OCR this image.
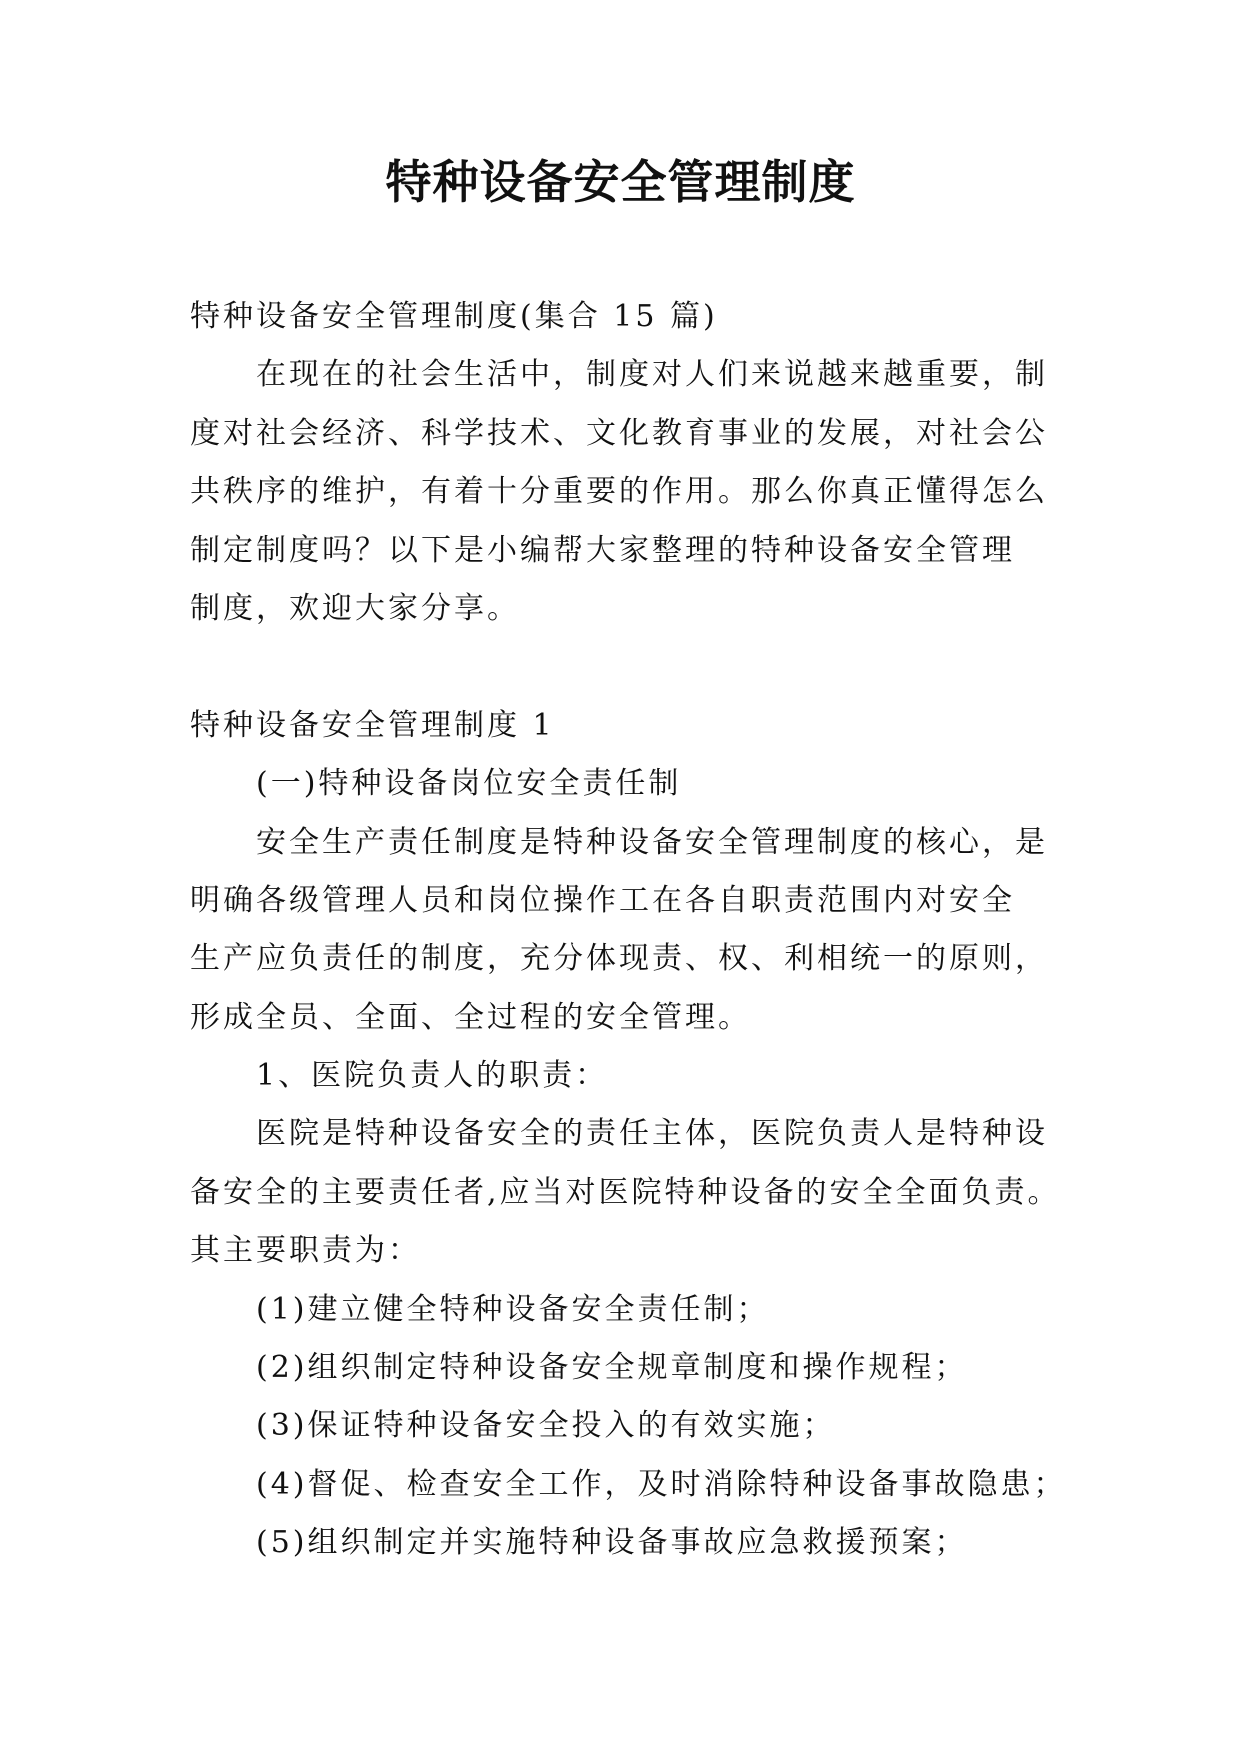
特种设备安全管理制度
特种设备安全管理制度(集合 15 篇)
在现在的社会生活中，制度对人们来说越来越重要，制
度对社会经济、科学技术、文化教育事业的发展，对社会公
共秩序的维护，有着十分重要的作用。那么你真正懂得怎么
制定制度吗？以下是小编帮大家整理的特种设备安全管理
制度，欢迎大家分享。
特种设备安全管理制度 1
(一)特种设备岗位安全责任制
安全生产责任制度是特种设备安全管理制度的核心，是
明确各级管理人员和岗位操作工在各自职责范围内对安全
生产应负责任的制度，充分体现责、权、利相统一的原则，
形成全员、全面、全过程的安全管理。
1、医院负责人的职责：
医院是特种设备安全的责任主体，医院负责人是特种设
备安全的主要责任者,应当对医院特种设备的安全全面负责。
其主要职责为：
(1)建立健全特种设备安全责任制；
(2)组织制定特种设备安全规章制度和操作规程；
(3)保证特种设备安全投入的有效实施；
(4)督促、检查安全工作，及时消除特种设备事故隐患；
(5)组织制定并实施特种设备事故应急救援预案；
